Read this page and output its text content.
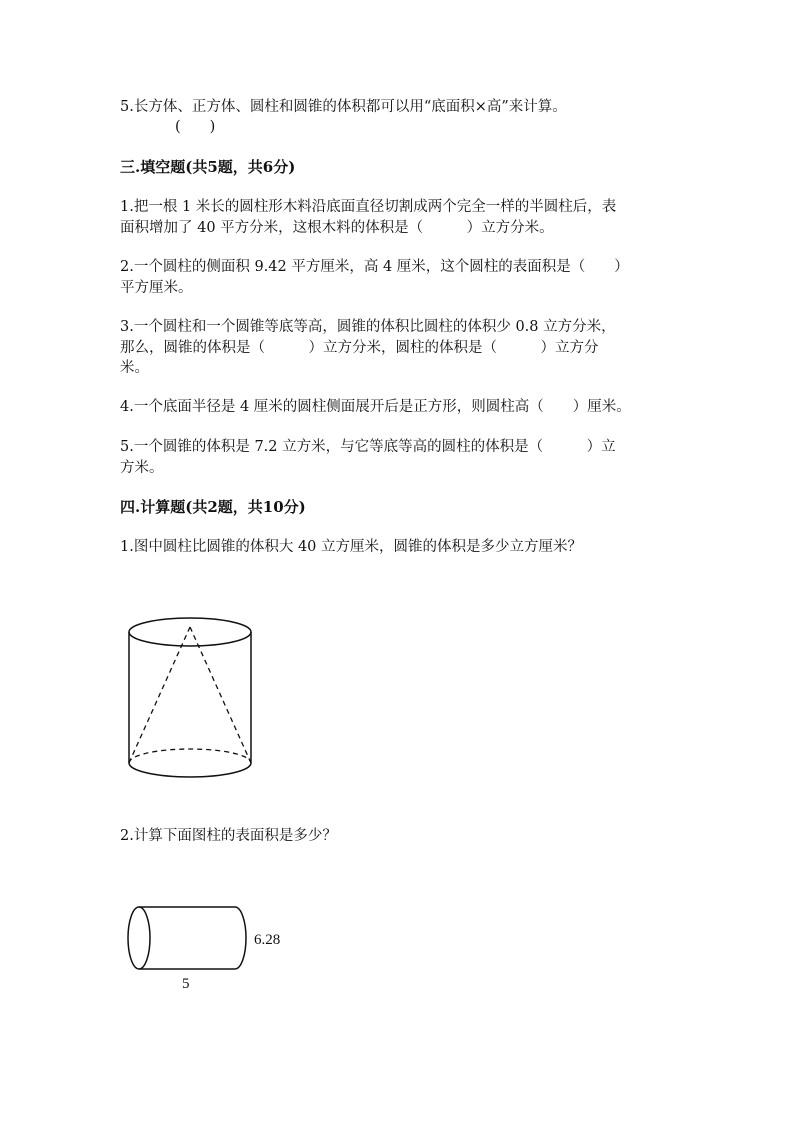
5.长方体、正方体、圆柱和圆锥的体积都可以用“底面积×高”来计算。
(　　)
三.填空题(共5题，共6分)
1.把一根 1 米长的圆柱形木料沿底面直径切割成两个完全一样的半圆柱后，表
面积增加了 40 平方分米，这根木料的体积是（　　　）立方分米。
2.一个圆柱的侧面积 9.42 平方厘米，高 4 厘米，这个圆柱的表面积是（　　）
平方厘米。
3.一个圆柱和一个圆锥等底等高，圆锥的体积比圆柱的体积少 0.8 立方分米，
那么，圆锥的体积是（　　　）立方分米，圆柱的体积是（　　　）立方分
米。
4.一个底面半径是 4 厘米的圆柱侧面展开后是正方形，则圆柱高（　　）厘米。
5.一个圆锥的体积是 7.2 立方米，与它等底等高的圆柱的体积是（　　　）立
方米。
四.计算题(共2题，共10分)
1.图中圆柱比圆锥的体积大 40 立方厘米，圆锥的体积是多少立方厘米？
2.计算下面图柱的表面积是多少？
6.28
5
